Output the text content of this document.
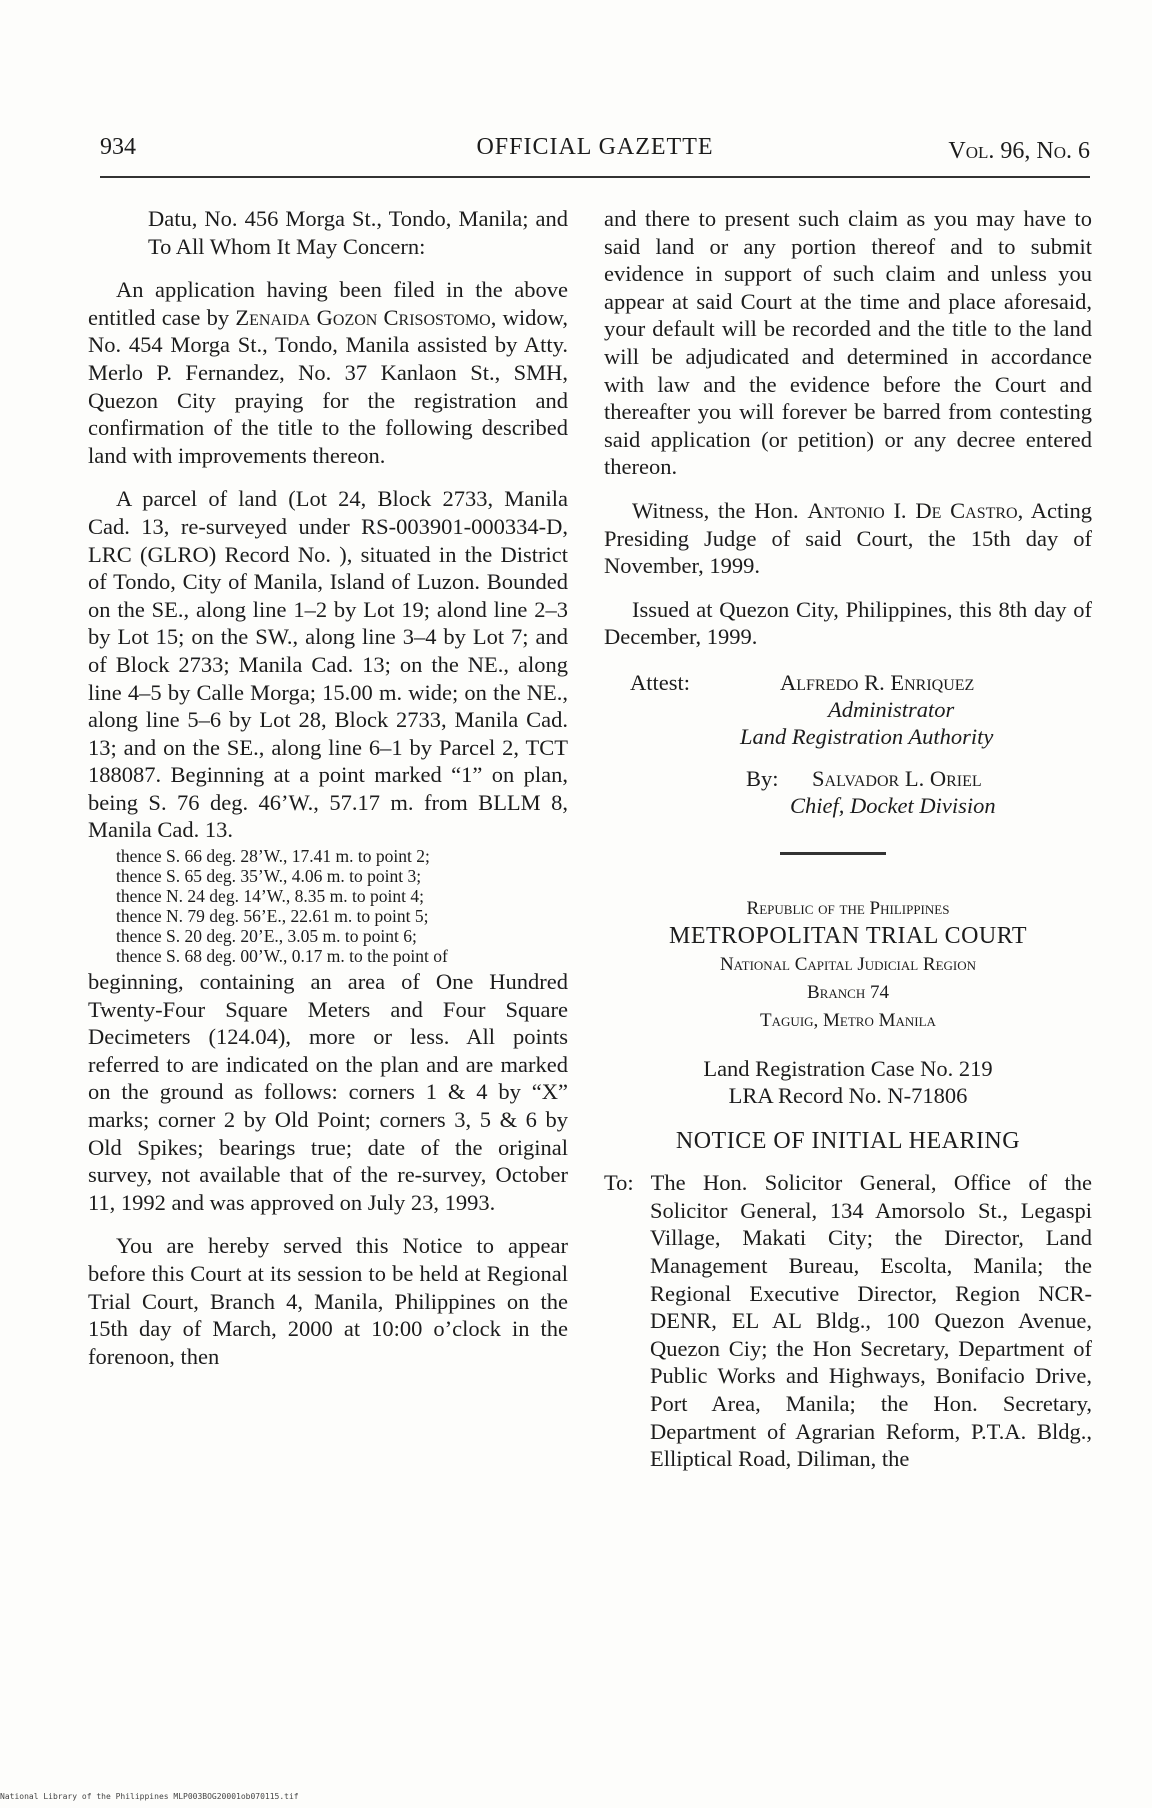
934	OFFICIAL GAZETTE	Vol. 96, No. 6

Datu, No. 456 Morga St., Tondo, Manila; and To All Whom It May Concern:

An application having been filed in the above entitled case by Zenaida Gozon Crisostomo, widow, No. 454 Morga St., Tondo, Manila assisted by Atty. Merlo P. Fernandez, No. 37 Kanlaon St., SMH, Quezon City praying for the registration and confirmation of the title to the following described land with improvements thereon.

A parcel of land (Lot 24, Block 2733, Manila Cad. 13, re-surveyed under RS-003901-000334-D, LRC (GLRO) Record No. ), situated in the District of Tondo, City of Manila, Island of Luzon. Bounded on the SE., along line 1–2 by Lot 19; alond line 2–3 by Lot 15; on the SW., along line 3–4 by Lot 7; and of Block 2733; Manila Cad. 13; on the NE., along line 4–5 by Calle Morga; 15.00 m. wide; on the NE., along line 5–6 by Lot 28, Block 2733, Manila Cad. 13; and on the SE., along line 6–1 by Parcel 2, TCT 188087. Beginning at a point marked “1” on plan, being S. 76 deg. 46’W., 57.17 m. from BLLM 8, Manila Cad. 13.

thence S. 66 deg. 28’W., 17.41 m. to point 2;
thence S. 65 deg. 35’W., 4.06 m. to point 3;
thence N. 24 deg. 14’W., 8.35 m. to point 4;
thence N. 79 deg. 56’E., 22.61 m. to point 5;
thence S. 20 deg. 20’E., 3.05 m. to point 6;
thence S. 68 deg. 00’W., 0.17 m. to the point of

beginning, containing an area of One Hundred Twenty-Four Square Meters and Four Square Decimeters (124.04), more or less. All points referred to are indicated on the plan and are marked on the ground as follows: corners 1 & 4 by “X” marks; corner 2 by Old Point; corners 3, 5 & 6 by Old Spikes; bearings true; date of the original survey, not available that of the re-survey, October 11, 1992 and was approved on July 23, 1993.

You are hereby served this Notice to appear before this Court at its session to be held at Regional Trial Court, Branch 4, Manila, Philippines on the 15th day of March, 2000 at 10:00 o’clock in the forenoon, then

and there to present such claim as you may have to said land or any portion thereof and to submit evidence in support of such claim and unless you appear at said Court at the time and place aforesaid, your default will be recorded and the title to the land will be adjudicated and determined in accordance with law and the evidence before the Court and thereafter you will forever be barred from contesting said application (or petition) or any decree entered thereon.

Witness, the Hon. Antonio I. De Castro, Acting Presiding Judge of said Court, the 15th day of November, 1999.

Issued at Quezon City, Philippines, this 8th day of December, 1999.

Attest:	Alfredo R. Enriquez
Administrator
Land Registration Authority
By: Salvador L. Oriel
Chief, Docket Division
Republic of the Philippines
METROPOLITAN TRIAL COURT
National Capital Judicial Region
Branch 74
Taguig, Metro Manila
Land Registration Case No. 219
LRA Record No. N-71806
NOTICE OF INITIAL HEARING

To: The Hon. Solicitor General, Office of the Solicitor General, 134 Amorsolo St., Legaspi Village, Makati City; the Director, Land Management Bureau, Escolta, Manila; the Regional Executive Director, Region NCR-DENR, EL AL Bldg., 100 Quezon Avenue, Quezon Ciy; the Hon Secretary, Department of Public Works and Highways, Bonifacio Drive, Port Area, Manila; the Hon. Secretary, Department of Agrarian Reform, P.T.A. Bldg., Elliptical Road, Diliman, the

National Library of the Philippines MLP003BOG20001ob070115.tif
